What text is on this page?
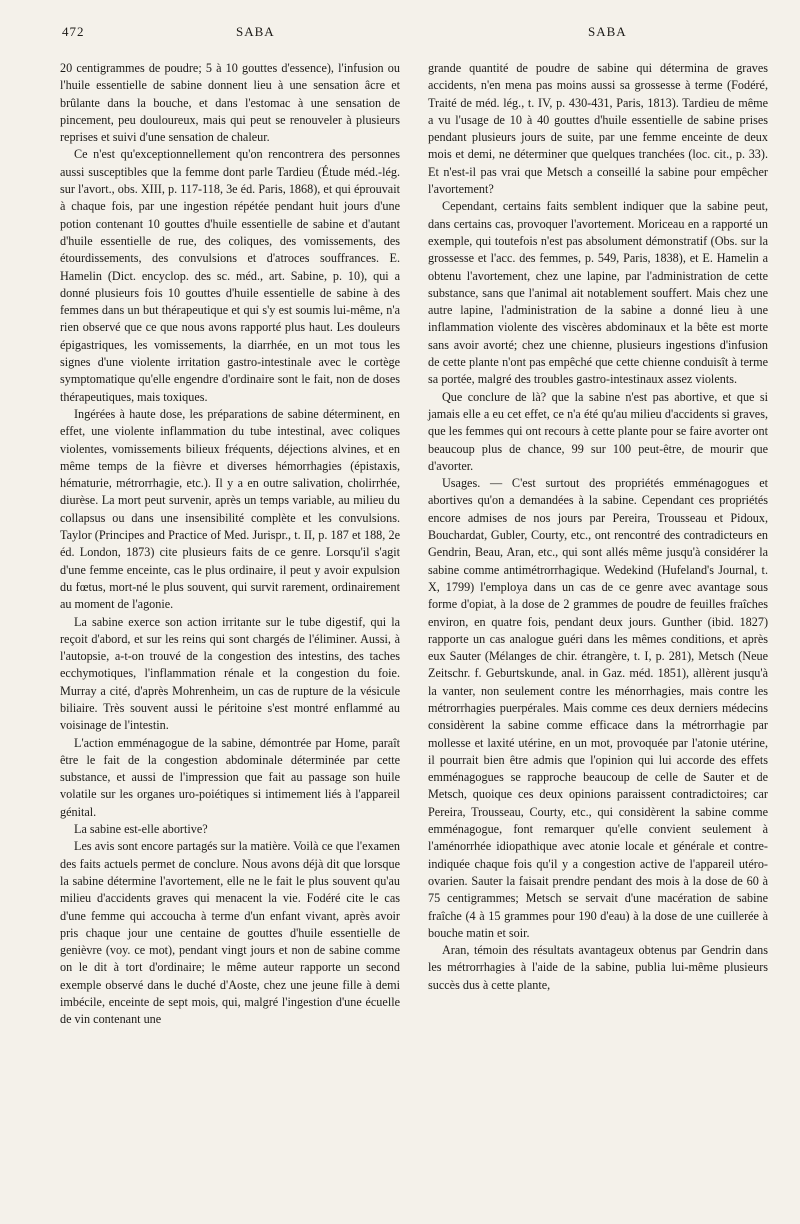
472	SABA	SABA

20 centigrammes de poudre; 5 à 10 gouttes d'essence), l'infusion ou l'huile essentielle de sabine donnent lieu à une sensation âcre et brûlante dans la bouche, et dans l'estomac à une sensation de pincement, peu douloureux, mais qui peut se renouveler à plusieurs reprises et suivi d'une sensation de chaleur.

Ce n'est qu'exceptionnellement qu'on rencontrera des personnes aussi susceptibles que la femme dont parle Tardieu (Étude méd.-lég. sur l'avort., obs. XIII, p. 117-118, 3e éd. Paris, 1868), et qui éprouvait à chaque fois, par une ingestion répétée pendant huit jours d'une potion contenant 10 gouttes d'huile essentielle de sabine et d'autant d'huile essentielle de rue, des coliques, des vomissements, des étourdissements, des convulsions et d'atroces souffrances. E. Hamelin (Dict. encyclop. des sc. méd., art. Sabine, p. 10), qui a donné plusieurs fois 10 gouttes d'huile essentielle de sabine à des femmes dans un but thérapeutique et qui s'y est soumis lui-même, n'a rien observé que ce que nous avons rapporté plus haut. Les douleurs épigastriques, les vomissements, la diarrhée, en un mot tous les signes d'une violente irritation gastro-intestinale avec le cortège symptomatique qu'elle engendre d'ordinaire sont le fait, non de doses thérapeutiques, mais toxiques.

Ingérées à haute dose, les préparations de sabine déterminent, en effet, une violente inflammation du tube intestinal, avec coliques violentes, vomissements bilieux fréquents, déjections alvines, et en même temps de la fièvre et diverses hémorrhagies (épistaxis, hématurie, métrorrhagie, etc.). Il y a en outre salivation, cholirrhée, diurèse. La mort peut survenir, après un temps variable, au milieu du collapsus ou dans une insensibilité complète et les convulsions. Taylor (Principes and Practice of Med. Jurispr., t. II, p. 187 et 188, 2e éd. London, 1873) cite plusieurs faits de ce genre. Lorsqu'il s'agit d'une femme enceinte, cas le plus ordinaire, il peut y avoir expulsion du fœtus, mort-né le plus souvent, qui survit rarement, ordinairement au moment de l'agonie.

La sabine exerce son action irritante sur le tube digestif, qui la reçoit d'abord, et sur les reins qui sont chargés de l'éliminer. Aussi, à l'autopsie, a-t-on trouvé de la congestion des intestins, des taches ecchymotiques, l'inflammation rénale et la congestion du foie. Murray a cité, d'après Mohrenheim, un cas de rupture de la vésicule biliaire. Très souvent aussi le péritoine s'est montré enflammé au voisinage de l'intestin.

L'action emménagogue de la sabine, démontrée par Home, paraît être le fait de la congestion abdominale déterminée par cette substance, et aussi de l'impression que fait au passage son huile volatile sur les organes uro-poiétiques si intimement liés à l'appareil génital.

La sabine est-elle abortive?

Les avis sont encore partagés sur la matière. Voilà ce que l'examen des faits actuels permet de conclure. Nous avons déjà dit que lorsque la sabine détermine l'avortement, elle ne le fait le plus souvent qu'au milieu d'accidents graves qui menacent la vie. Fodéré cite le cas d'une femme qui accoucha à terme d'un enfant vivant, après avoir pris chaque jour une centaine de gouttes d'huile essentielle de genièvre (voy. ce mot), pendant vingt jours et non de sabine comme on le dit à tort d'ordinaire; le même auteur rapporte un second exemple observé dans le duché d'Aoste, chez une jeune fille à demi imbécile, enceinte de sept mois, qui, malgré l'ingestion d'une écuelle de vin contenant une

grande quantité de poudre de sabine qui détermina de graves accidents, n'en mena pas moins aussi sa grossesse à terme (Fodéré, Traité de méd. lég., t. IV, p. 430-431, Paris, 1813). Tardieu de même a vu l'usage de 10 à 40 gouttes d'huile essentielle de sabine prises pendant plusieurs jours de suite, par une femme enceinte de deux mois et demi, ne déterminer que quelques tranchées (loc. cit., p. 33). Et n'est-il pas vrai que Metsch a conseillé la sabine pour empêcher l'avortement?

Cependant, certains faits semblent indiquer que la sabine peut, dans certains cas, provoquer l'avortement. Moriceau en a rapporté un exemple, qui toutefois n'est pas absolument démonstratif (Obs. sur la grossesse et l'acc. des femmes, p. 549, Paris, 1838), et E. Hamelin a obtenu l'avortement, chez une lapine, par l'administration de cette substance, sans que l'animal ait notablement souffert. Mais chez une autre lapine, l'administration de la sabine a donné lieu à une inflammation violente des viscères abdominaux et la bête est morte sans avoir avorté; chez une chienne, plusieurs ingestions d'infusion de cette plante n'ont pas empêché que cette chienne conduisît à terme sa portée, malgré des troubles gastro-intestinaux assez violents.

Que conclure de là? que la sabine n'est pas abortive, et que si jamais elle a eu cet effet, ce n'a été qu'au milieu d'accidents si graves, que les femmes qui ont recours à cette plante pour se faire avorter ont beaucoup plus de chance, 99 sur 100 peut-être, de mourir que d'avorter.

Usages. — C'est surtout des propriétés emménagogues et abortives qu'on a demandées à la sabine. Cependant ces propriétés encore admises de nos jours par Pereira, Trousseau et Pidoux, Bouchardat, Gubler, Courty, etc., ont rencontré des contradicteurs en Gendrin, Beau, Aran, etc., qui sont allés même jusqu'à considérer la sabine comme antimétrorrhagique. Wedekind (Hufeland's Journal, t. X, 1799) l'employa dans un cas de ce genre avec avantage sous forme d'opiat, à la dose de 2 grammes de poudre de feuilles fraîches environ, en quatre fois, pendant deux jours. Gunther (ibid. 1827) rapporte un cas analogue guéri dans les mêmes conditions, et après eux Sauter (Mélanges de chir. étrangère, t. I, p. 281), Metsch (Neue Zeitschr. f. Geburtskunde, anal. in Gaz. méd. 1851), allèrent jusqu'à la vanter, non seulement contre les ménorrhagies, mais contre les métrorrhagies puerpérales. Mais comme ces deux derniers médecins considèrent la sabine comme efficace dans la métrorrhagie par mollesse et laxité utérine, en un mot, provoquée par l'atonie utérine, il pourrait bien être admis que l'opinion qui lui accorde des effets emménagogues se rapproche beaucoup de celle de Sauter et de Metsch, quoique ces deux opinions paraissent contradictoires; car Pereira, Trousseau, Courty, etc., qui considèrent la sabine comme emménagogue, font remarquer qu'elle convient seulement à l'aménorrhée idiopathique avec atonie locale et générale et contre-indiquée chaque fois qu'il y a congestion active de l'appareil utéro-ovarien. Sauter la faisait prendre pendant des mois à la dose de 60 à 75 centigrammes; Metsch se servait d'une macération de sabine fraîche (4 à 15 grammes pour 190 d'eau) à la dose de une cuillerée à bouche matin et soir.

Aran, témoin des résultats avantageux obtenus par Gendrin dans les métrorrhagies à l'aide de la sabine, publia lui-même plusieurs succès dus à cette plante,
